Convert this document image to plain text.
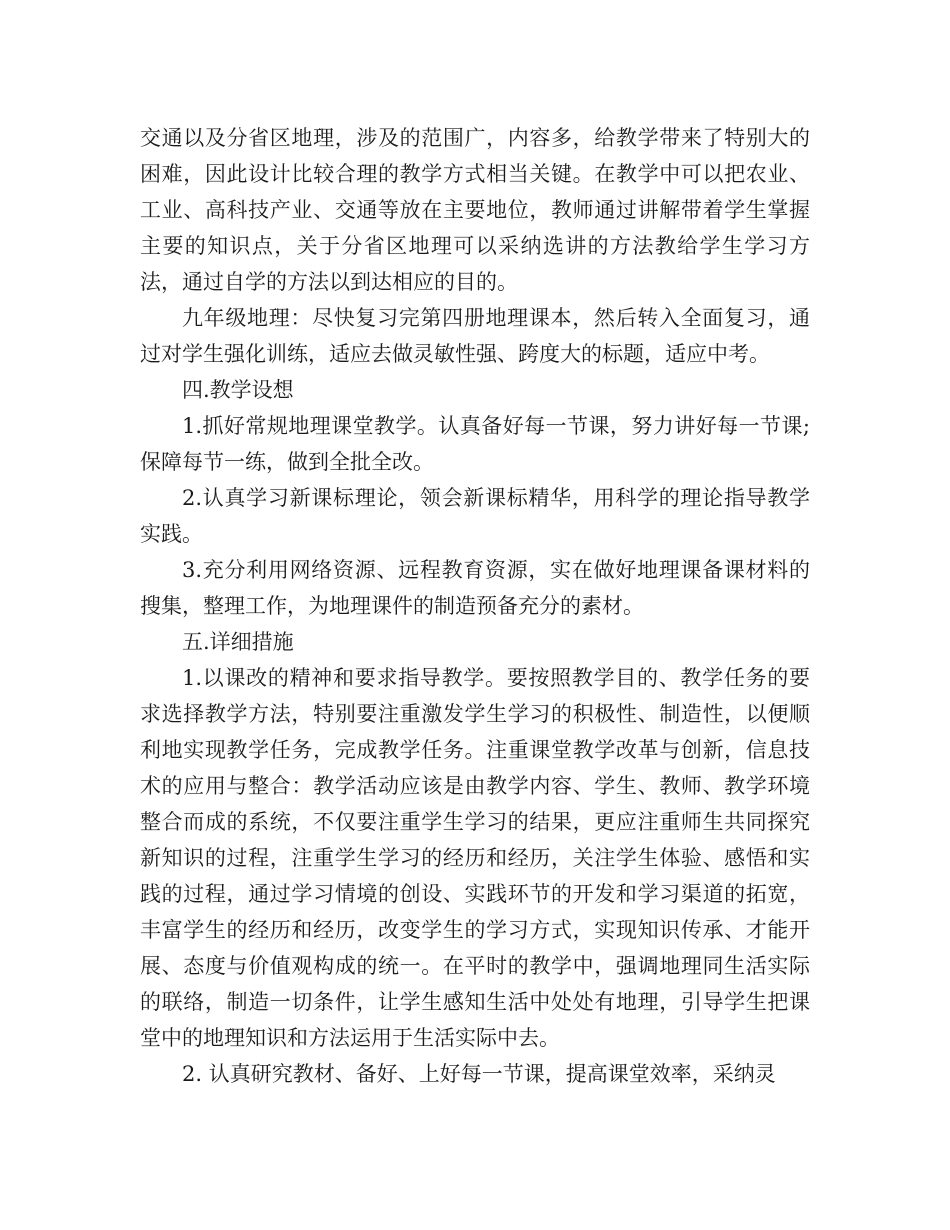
交通以及分省区地理，涉及的范围广，内容多，给教学带来了特别大的困难，因此设计比较合理的教学方式相当关键。在教学中可以把农业、工业、高科技产业、交通等放在主要地位，教师通过讲解带着学生掌握主要的知识点，关于分省区地理可以采纳选讲的方法教给学生学习方法，通过自学的方法以到达相应的目的。

九年级地理：尽快复习完第四册地理课本，然后转入全面复习，通过对学生强化训练，适应去做灵敏性强、跨度大的标题，适应中考。

四.教学设想

1.抓好常规地理课堂教学。认真备好每一节课，努力讲好每一节课;保障每节一练，做到全批全改。

2.认真学习新课标理论，领会新课标精华，用科学的理论指导教学实践。

3.充分利用网络资源、远程教育资源，实在做好地理课备课材料的搜集，整理工作，为地理课件的制造预备充分的素材。

五.详细措施

1.以课改的精神和要求指导教学。要按照教学目的、教学任务的要求选择教学方法，特别要注重激发学生学习的积极性、制造性，以便顺利地实现教学任务，完成教学任务。注重课堂教学改革与创新，信息技术的应用与整合：教学活动应该是由教学内容、学生、教师、教学环境整合而成的系统，不仅要注重学生学习的结果，更应注重师生共同探究新知识的过程，注重学生学习的经历和经历，关注学生体验、感悟和实践的过程，通过学习情境的创设、实践环节的开发和学习渠道的拓宽，丰富学生的经历和经历，改变学生的学习方式，实现知识传承、才能开展、态度与价值观构成的统一。在平时的教学中，强调地理同生活实际的联络，制造一切条件，让学生感知生活中处处有地理，引导学生把课堂中的地理知识和方法运用于生活实际中去。

2. 认真研究教材、备好、上好每一节课，提高课堂效率，采纳灵
